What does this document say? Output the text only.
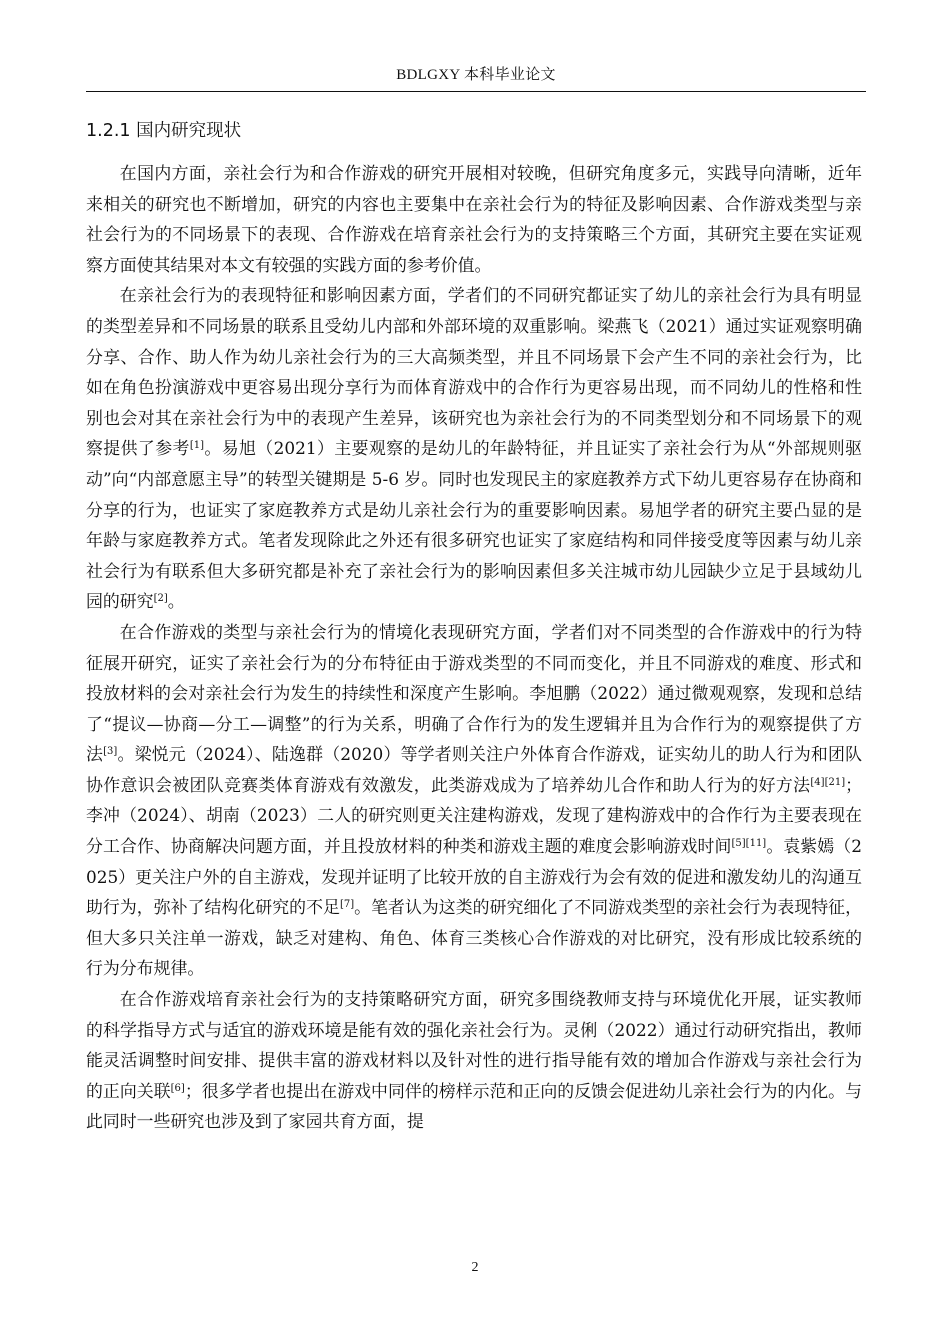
BDLGXY 本科毕业论文
1.2.1 国内研究现状

在国内方面，亲社会行为和合作游戏的研究开展相对较晚，但研究角度多元，实践导向清晰，近年来相关的研究也不断增加，研究的内容也主要集中在亲社会行为的特征及影响因素、合作游戏类型与亲社会行为的不同场景下的表现、合作游戏在培育亲社会行为的支持策略三个方面，其研究主要在实证观察方面使其结果对本文有较强的实践方面的参考价值。

在亲社会行为的表现特征和影响因素方面，学者们的不同研究都证实了幼儿的亲社会行为具有明显的类型差异和不同场景的联系且受幼儿内部和外部环境的双重影响。梁燕飞（2021）通过实证观察明确分享、合作、助人作为幼儿亲社会行为的三大高频类型，并且不同场景下会产生不同的亲社会行为，比如在角色扮演游戏中更容易出现分享行为而体育游戏中的合作行为更容易出现，而不同幼儿的性格和性别也会对其在亲社会行为中的表现产生差异，该研究也为亲社会行为的不同类型划分和不同场景下的观察提供了参考[1]。易旭（2021）主要观察的是幼儿的年龄特征，并且证实了亲社会行为从“外部规则驱动”向“内部意愿主导”的转型关键期是 5-6 岁。同时也发现民主的家庭教养方式下幼儿更容易存在协商和分享的行为，也证实了家庭教养方式是幼儿亲社会行为的重要影响因素。易旭学者的研究主要凸显的是年龄与家庭教养方式。笔者发现除此之外还有很多研究也证实了家庭结构和同伴接受度等因素与幼儿亲社会行为有联系但大多研究都是补充了亲社会行为的影响因素但多关注城市幼儿园缺少立足于县域幼儿园的研究[2]。

在合作游戏的类型与亲社会行为的情境化表现研究方面，学者们对不同类型的合作游戏中的行为特征展开研究，证实了亲社会行为的分布特征由于游戏类型的不同而变化，并且不同游戏的难度、形式和投放材料的会对亲社会行为发生的持续性和深度产生影响。李旭鹏（2022）通过微观观察，发现和总结了“提议—协商—分工—调整”的行为关系，明确了合作行为的发生逻辑并且为合作行为的观察提供了方法[3]。梁悦元（2024）、陆逸群（2020）等学者则关注户外体育合作游戏，证实幼儿的助人行为和团队协作意识会被团队竞赛类体育游戏有效激发，此类游戏成为了培养幼儿合作和助人行为的好方法[4][21]；李冲（2024）、胡南（2023）二人的研究则更关注建构游戏，发现了建构游戏中的合作行为主要表现在分工合作、协商解决问题方面，并且投放材料的种类和游戏主题的难度会影响游戏时间[5][11]。袁紫嫣（2025）更关注户外的自主游戏，发现并证明了比较开放的自主游戏行为会有效的促进和激发幼儿的沟通互助行为，弥补了结构化研究的不足[7]。笔者认为这类的研究细化了不同游戏类型的亲社会行为表现特征，但大多只关注单一游戏，缺乏对建构、角色、体育三类核心合作游戏的对比研究，没有形成比较系统的行为分布规律。

在合作游戏培育亲社会行为的支持策略研究方面，研究多围绕教师支持与环境优化开展，证实教师的科学指导方式与适宜的游戏环境是能有效的强化亲社会行为。灵俐（2022）通过行动研究指出，教师能灵活调整时间安排、提供丰富的游戏材料以及针对性的进行指导能有效的增加合作游戏与亲社会行为的正向关联[6]；很多学者也提出在游戏中同伴的榜样示范和正向的反馈会促进幼儿亲社会行为的内化。与此同时一些研究也涉及到了家园共育方面，提

2
